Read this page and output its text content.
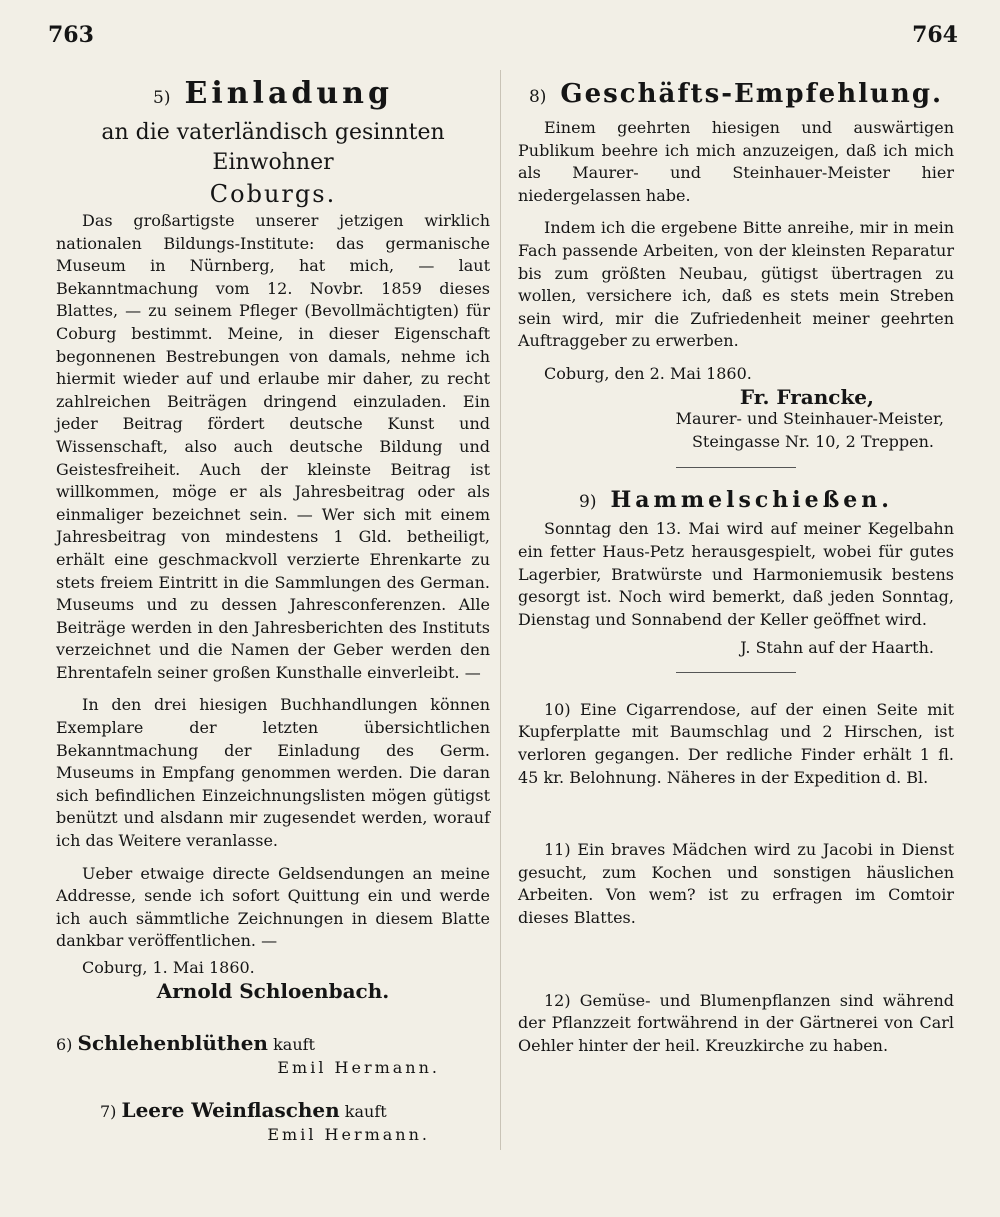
763	764
5) Einladung
an die vaterländisch gesinnten Einwohner
Coburgs.

Das großartigste unserer jetzigen wirklich nationalen Bildungs-Institute: das germanische Museum in Nürnberg, hat mich, — laut Bekanntmachung vom 12. Novbr. 1859 dieses Blattes, — zu seinem Pfleger (Bevollmächtigten) für Coburg bestimmt. Meine, in dieser Eigenschaft begonnenen Bestrebungen von damals, nehme ich hiermit wieder auf und erlaube mir daher, zu recht zahlreichen Beiträgen dringend einzuladen. Ein jeder Beitrag fördert deutsche Kunst und Wissenschaft, also auch deutsche Bildung und Geistesfreiheit. Auch der kleinste Beitrag ist willkommen, möge er als Jahresbeitrag oder als einmaliger bezeichnet sein. — Wer sich mit einem Jahresbeitrag von mindestens 1 Gld. betheiligt, erhält eine geschmackvoll verzierte Ehrenkarte zu stets freiem Eintritt in die Sammlungen des German. Museums und zu dessen Jahresconferenzen. Alle Beiträge werden in den Jahresberichten des Instituts verzeichnet und die Namen der Geber werden den Ehrentafeln seiner großen Kunsthalle einverleibt. —

In den drei hiesigen Buchhandlungen können Exemplare der letzten übersichtlichen Bekanntmachung der Einladung des Germ. Museums in Empfang genommen werden. Die daran sich befindlichen Einzeichnungslisten mögen gütigst benützt und alsdann mir zugesendet werden, worauf ich das Weitere veranlasse.

Ueber etwaige directe Geldsendungen an meine Addresse, sende ich sofort Quittung ein und werde ich auch sämmtliche Zeichnungen in diesem Blatte dankbar veröffentlichen. —

Coburg, 1. Mai 1860.

Arnold Schloenbach.

6) Schlehenblüthen kauft

Emil Hermann.

7) Leere Weinflaschen kauft

Emil Hermann.

8) Geschäfts-Empfehlung.

Einem geehrten hiesigen und auswärtigen Publikum beehre ich mich anzuzeigen, daß ich mich als Maurer- und Steinhauer-Meister hier niedergelassen habe.

Indem ich die ergebene Bitte anreihe, mir in mein Fach passende Arbeiten, von der kleinsten Reparatur bis zum größten Neubau, gütigst übertragen zu wollen, versichere ich, daß es stets mein Streben sein wird, mir die Zufriedenheit meiner geehrten Auftraggeber zu erwerben.

Coburg, den 2. Mai 1860.

Fr. Francke,

Maurer- und Steinhauer-Meister,

Steingasse Nr. 10, 2 Treppen.

9) Hammelschießen.

Sonntag den 13. Mai wird auf meiner Kegelbahn ein fetter Haus-Petz herausgespielt, wobei für gutes Lagerbier, Bratwürste und Harmoniemusik bestens gesorgt ist. Noch wird bemerkt, daß jeden Sonntag, Dienstag und Sonnabend der Keller geöffnet wird.

J. Stahn auf der Haarth.

10) Eine Cigarrendose, auf der einen Seite mit Kupferplatte mit Baumschlag und 2 Hirschen, ist verloren gegangen. Der redliche Finder erhält 1 fl. 45 kr. Belohnung. Näheres in der Expedition d. Bl.

11) Ein braves Mädchen wird zu Jacobi in Dienst gesucht, zum Kochen und sonstigen häuslichen Arbeiten. Von wem? ist zu erfragen im Comtoir dieses Blattes.

12) Gemüse- und Blumenpflanzen sind während der Pflanzzeit fortwährend in der Gärtnerei von Carl Oehler hinter der heil. Kreuzkirche zu haben.
